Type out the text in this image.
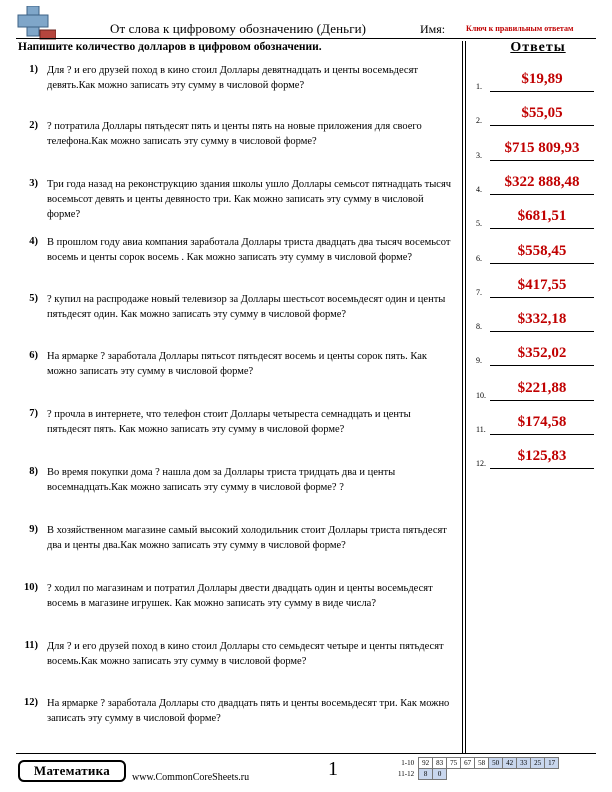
От слова к цифровому обозначению (Деньги)	Имя:	Ключ к правильным ответам
Напишите количество долларов в цифровом обозначении.	Ответы
1) Для ? и его друзей поход в кино стоил Доллары девятнадцать и центы восемьдесят девять.Как можно записать эту сумму в числовой форме?
2) ? потратила Доллары пятьдесят пять и центы пять на новые приложения для своего телефона.Как можно записать эту сумму в числовой форме?
3) Три года назад на реконструкцию здания школы ушло Доллары семьсот пятнадцать тысяч восемьсот девять и центы девяносто три. Как можно записать эту сумму в числовой форме?
4) В прошлом году авиа компания заработала Доллары триста двадцать два тысяч восемьсот восемь и центы сорок восемь . Как можно записать эту сумму в числовой форме?
5) ? купил на распродаже новый телевизор за Доллары шестьсот восемьдесят один и центы пятьдесят один. Как можно записать эту сумму в числовой форме?
6) На ярмарке ? заработала Доллары пятьсот пятьдесят восемь и центы сорок пять. Как можно записать эту сумму в числовой форме?
7) ? прочла в интернете, что телефон стоит Доллары четыреста семнадцать и центы пятьдесят пять. Как можно записать эту сумму в числовой форме?
8) Во время покупки дома ? нашла дом за Доллары триста тридцать два и центы восемнадцать.Как можно записать эту сумму в числовой форме? ?
9) В хозяйственном магазине самый высокий холодильник стоит Доллары триста пятьдесят два и центы два.Как можно записать эту сумму в числовой форме?
10) ? ходил по магазинам и потратил Доллары двести двадцать один и центы восемьдесят восемь в магазине игрушек. Как можно записать эту сумму в виде числа?
11) Для ? и его друзей поход в кино стоил Доллары сто семьдесят четыре и центы пятьдесят восемь.Как можно записать эту сумму в числовой форме?
12) На ярмарке ? заработала Доллары сто двадцать пять и центы восемьдесят три. Как можно записать эту сумму в числовой форме?
1.	$19,89
2.	$55,05
3.	$715 809,93
4.	$322 888,48
5.	$681,51
6.	$558,45
7.	$417,55
8.	$332,18
9.	$352,02
10.	$221,88
11.	$174,58
12.	$125,83
Математика	www.CommonCoreSheets.ru	1	1-10	92	83	75	67	58	50	42	33	25	17
11-12	8	0								
